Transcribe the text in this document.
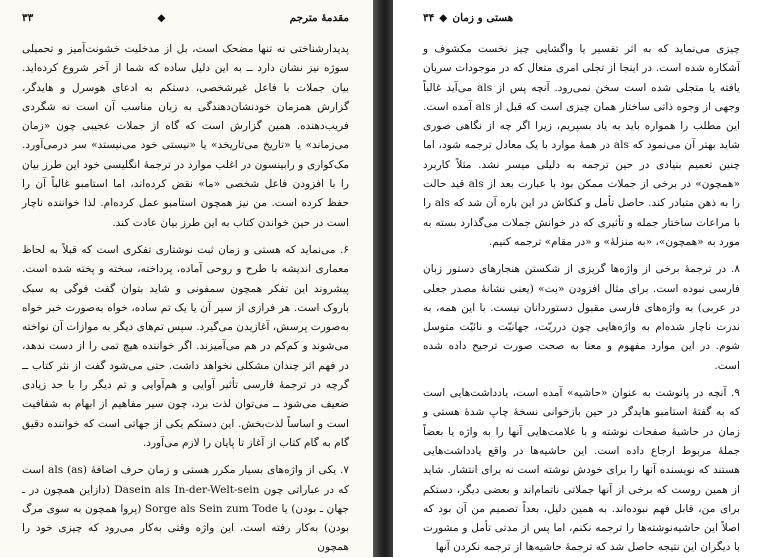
۳۳	◆	مقدمهٔ مترجم

پدیدارشناختی نه تنها مضحک است، بل از مدخلیت خشونت‌آمیز و تحمیلی سوژه نیز نشان دارد ــ به این دلیل ساده که شما از آخر شروع کرده‌اید. بیان جملات با فاعل غیرشخصی، دستکم به ادعای هوسرل و هایدگر، گزارش همزمان خودنشان‌دهندگی به زبان مناسب آن است نه شگردی فریب‌دهنده. همین گزارش است که گاه از جملات عجیبی چون «زمان می‌زماند» یا «تاریخ می‌تاریخد» یا «نیستی خود می‌نیستد» سر درمی‌آورد. مک‌کواری و رابینسون در اغلب موارد در ترجمهٔ انگلیسی خود این طرز بیان را با افزودن فاعل شخصی «ما» نقض کرده‌اند، اما استامبو غالباً آن را حفظ کرده است. من نیز همچون استامبو عمل کرده‌ام. لذا خواننده ناچار است در حین خواندن کتاب به این طرز بیان عادت کند.

۶. می‌نماید که هستی و زمان ثبت نوشتاری تفکری است که قبلاً به لحاظ معماری اندیشه با طرح و روحی آماده، پرداخته، سخته و پخته شده است. پیشروند این تفکر همچون سمفونی و شاید بتوان گفت فوگی به سبک باروک است. هر فرازی از سیر آن یا یک تم ساده، خواه به‌صورت خبر خواه به‌صورت پرسش، آغازیدن می‌گیرد. سپس تم‌های دیگر به موازات آن نواخته می‌شوند و کم‌کم در هم می‌آمیزند. اگر خواننده هیچ تمی را از دست ندهد، در فهم اثر چندان مشکلی نخواهد داشت. حتی می‌شود گفت از نثر کتاب ــ گرچه در ترجمهٔ فارسی تأثیر آوایی و هم‌آوایی و تم دیگر را با حد زیادی ضعیف می‌شود ــ می‌توان لذت برد، چون سیر مفاهیم از ابهام به شفافیت است و اساساً لذت‌بخش. این دستکم یکی از جهاتی است که خواننده دقیق گام به گام کتاب از آغاز تا پایان را لازم می‌آورد.

۷. یکی از واژه‌های بسیار مکرر هستی و زمان حرف اضافهٔ als (as) است که در عباراتی چون Dasein als In-der-Welt-sein (دازاین همچون در ـ جهان ـ بودن) یا Sorge als Sein zum Tode (پروا همچون به سوی مرگ بودن) به‌کار رفته است. این واژه وقتی به‌کار می‌رود که چیزی خود را همچون

۳۴ ◆ هستی و زمان

چیزی می‌نماید که به اثر تفسیر یا واگشایی چیز نخست مکشوف و آشکاره شده است. در اینجا از تجلی امری متعال که در موجودات سریان یافته یا متجلی شده است سخن نمی‌رود. آنچه پس از als می‌آید غالباً وجهی از وجوه ذاتی ساختار همان چیزی است که قبل از als آمده است. این مطلب را همواره باید به یاد بسپریم، زیرا اگر چه از نگاهی صوری شاید بهتر آن می‌نمود که als در همهٔ موارد با یک معادل ترجمه شود، اما چنین تعمیم بنیادی در حین ترجمه به دلیلی میسر نشد. مثلاً کاربرد «همچون» در برخی از جملات ممکن بود با عبارت بعد از als قید حالت را به ذهن متبادر کند. حاصل تأمل و کنکاش در این باره آن شد که als را با مراعات ساختار جمله و تأثیری که در خوانش جملات می‌گذارد بسته به مورد به «همچون»، «به منزلهٔ» و «در مقام» ترجمه کنیم.

۸. در ترجمهٔ برخی از واژه‌ها گریزی از شکستن هنجارهای دستور زبان فارسی نبوده است. برای مثال افزودن «یت» (یعنی نشانهٔ مصدر جعلی در عربی) به واژه‌های فارسی مقبول دستوردانان نیست. با این همه، به ندرت ناچار شده‌ام به واژه‌هایی چون درریّت، جهانیّت و نائیّت متوسل شوم. در این موارد مفهوم و معنا به صحت صورت ترجیح داده شده است.

۹. آنچه در پانوشت به عنوان «حاشیه» آمده است، یادداشت‌هایی است که به گفتهٔ استامبو هایدگر در حین بازخوانی نسخهٔ چاپ شدهٔ هستی و زمان در حاشیهٔ صفحات نوشته و با علامت‌هایی آنها را به واژه یا بعضاً جملهٔ مربوط ارجاع داده است. این حاشیه‌ها در واقع یادداشت‌هایی هستند که نویسنده آنها را برای خودش نوشته است نه برای انتشار. شاید از همین روست که برخی از آنها جملاتی ناتمام‌اند و بعضی دیگر، دستکم برای من، قابل فهم نبوده‌اند. به همین دلیل، بعداً تصمیم من آن بود که اصلاً این حاشیه‌نوشته‌ها را ترجمه نکنم، اما پس از مدتی تأمل و مشورت با دیگران این نتیجه حاصل شد که ترجمهٔ حاشیه‌ها از ترجمه نکردن آنها
